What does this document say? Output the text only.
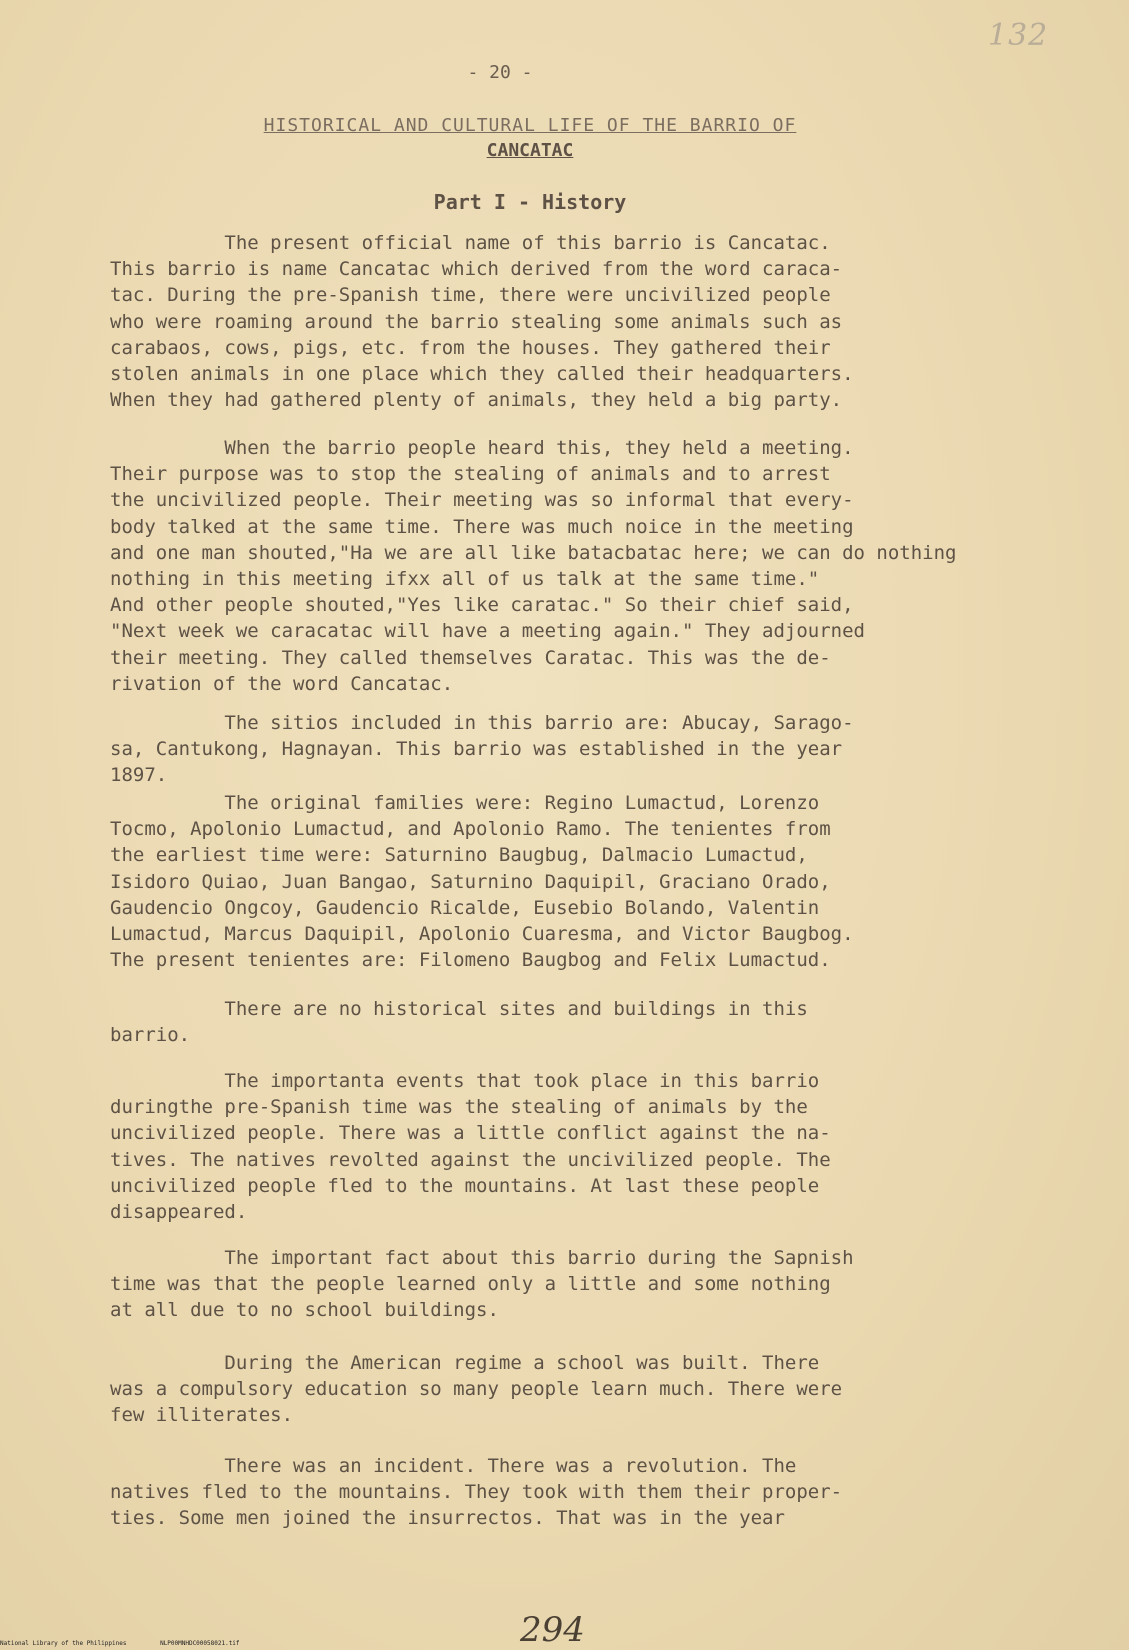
132
- 20 -
HISTORICAL AND CULTURAL LIFE OF THE BARRIO OF
CANCATAC
Part I - History

The present official name of this barrio is Cancatac.
This barrio is name Cancatac which derived from the word caraca-
tac. During the pre-Spanish time, there were uncivilized people
who were roaming around the barrio stealing some animals such as
carabaos, cows, pigs, etc. from the houses. They gathered their
stolen animals in one place which they called their headquarters.
When they had gathered plenty of animals, they held a big party.

When the barrio people heard this, they held a meeting.
Their purpose was to stop the stealing of animals and to arrest
the uncivilized people. Their meeting was so informal that every-
body talked at the same time. There was much noice in the meeting
and one man shouted,"Ha we are all like batacbatac here; we can do nothing
nothing in this meeting ifxx all of us talk at the same time."
And other people shouted,"Yes like caratac." So their chief said,
"Next week we caracatac will have a meeting again." They adjourned
their meeting. They called themselves Caratac. This was the de-
rivation of the word Cancatac.

The sitios included in this barrio are: Abucay, Sarago-
sa, Cantukong, Hagnayan. This barrio was established in the year
1897.

The original families were: Regino Lumactud, Lorenzo
Tocmo, Apolonio Lumactud, and Apolonio Ramo. The tenientes from
the earliest time were: Saturnino Baugbug, Dalmacio Lumactud,
Isidoro Quiao, Juan Bangao, Saturnino Daquipil, Graciano Orado,
Gaudencio Ongcoy, Gaudencio Ricalde, Eusebio Bolando, Valentin
Lumactud, Marcus Daquipil, Apolonio Cuaresma, and Victor Baugbog.
The present tenientes are: Filomeno Baugbog and Felix Lumactud.

There are no historical sites and buildings in this
barrio.

The importanta events that took place in this barrio
duringthe pre-Spanish time was the stealing of animals by the
uncivilized people. There was a little conflict against the na-
tives. The natives revolted against the uncivilized people. The
uncivilized people fled to the mountains. At last these people
disappeared.

The important fact about this barrio during the Sapnish
time was that the people learned only a little and some nothing
at all due to no school buildings.

During the American regime a school was built. There
was a compulsory education so many people learn much. There were
few illiterates.

There was an incident. There was a revolution. The
natives fled to the mountains. They took with them their proper-
ties. Some men joined the insurrectos. That was in the year

294
National Library of the Philippines	NLP00MNHDC00058021.tif
